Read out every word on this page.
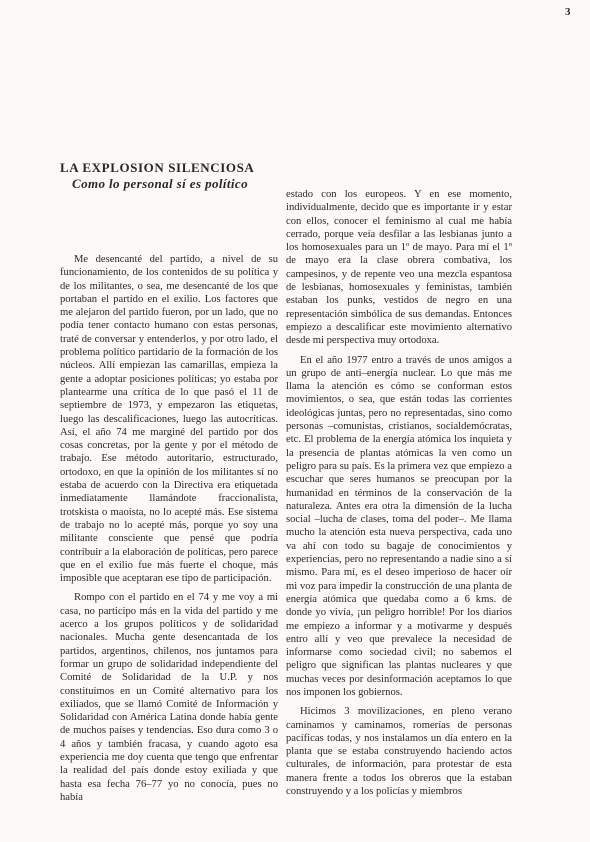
3
LA EXPLOSION SILENCIOSA
Como lo personal sí es político

Me desencanté del partido, a nivel de su funcionamiento, de los contenidos de su política y de los militantes, o sea, me desencanté de los que portaban el partido en el exilio. Los factores que me alejaron del partido fueron, por un lado, que no podía tener contacto humano con estas personas, traté de conversar y entenderlos, y por otro lado, el problema político partidario de la formación de los núcleos. Allí empiezan las camarillas, empieza la gente a adoptar posiciones políticas; yo estaba por plantearme una crítica de lo que pasó el 11 de septiembre de 1973, y empezaron las etiquetas, luego las descalificaciones, luego las autocríticas. Así, el año 74 me marginé del partido por dos cosas concretas, por la gente y por el método de trabajo. Ese método autoritario, estructurado, ortodoxo, en que la opinión de los militantes sí no estaba de acuerdo con la Directiva era etiquetada inmediatamente llamándote fraccionalista, trotskista o maoísta, no lo acepté más. Ese sistema de trabajo no lo acepté más, porque yo soy una militante consciente que pensé que podría contribuir a la elaboración de políticas, pero parece que en el exilio fue más fuerte el choque, más imposible que aceptaran ese tipo de participación.

Rompo con el partido en el 74 y me voy a mi casa, no participo más en la vida del partido y me acerco a los grupos políticos y de solidaridad nacionales. Mucha gente desencantada de los partidos, argentinos, chilenos, nos juntamos para formar un grupo de solidaridad independiente del Comité de Solidaridad de la U.P. y nos constituimos en un Comité alternativo para los exiliados, que se llamó Comité de Información y Solidaridad con América Latina donde había gente de muchos países y tendencias. Eso dura como 3 o 4 años y también fracasa, y cuando agoto esa experiencia me doy cuenta que tengo que enfrentar la realidad del país donde estoy exiliada y que hasta esa fecha 76–77 yo no conocía, pues no había

estado con los europeos. Y en ese momento, individualmente, decido que es importante ir y estar con ellos, conocer el feminismo al cual me había cerrado, porque veía desfilar a las lesbianas junto a los homosexuales para un 1º de mayo. Para mí el 1º de mayo era la clase obrera combativa, los campesinos, y de repente veo una mezcla espantosa de lesbianas, homosexuales y feministas, también estaban los punks, vestidos de negro en una representación simbólica de sus demandas. Entonces empiezo a descalificar este movimiento alternativo desde mi perspectiva muy ortodoxa.

En el año 1977 entro a través de unos amigos a un grupo de anti–energía nuclear. Lo que más me llama la atención es cómo se conforman estos movimientos, o sea, que están todas las corrientes ideológicas juntas, pero no representadas, sino como personas –comunistas, cristianos, socialdemócratas, etc. El problema de la energía atómica los inquieta y la presencia de plantas atómicas la ven como un peligro para su país. Es la primera vez que empiezo a escuchar que seres humanos se preocupan por la humanidad en términos de la conservación de la naturaleza. Antes era otra la dimensión de la lucha social –lucha de clases, toma del poder–. Me llama mucho la atención esta nueva perspectiva, cada uno va ahí con todo su bagaje de conocimientos y experiencias, pero no representando a nadie sino a sí mismo. Para mí, es el deseo imperioso de hacer oír mi voz para impedir la construcción de una planta de energía atómica que quedaba como a 6 kms. de donde yo vivía, ¡un peligro horrible! Por los diarios me empiezo a informar y a motivarme y después entro allí y veo que prevalece la necesidad de informarse como sociedad civil; no sabemos el peligro que significan las plantas nucleares y que muchas veces por desinformación aceptamos lo que nos imponen los gobiernos.

Hicimos 3 movilizaciones, en pleno verano caminamos y caminamos, romerías de personas pacíficas todas, y nos instalamos un día entero en la planta que se estaba construyendo haciendo actos culturales, de información, para protestar de esta manera frente a todos los obreros que la estaban construyendo y a los policías y miembros
